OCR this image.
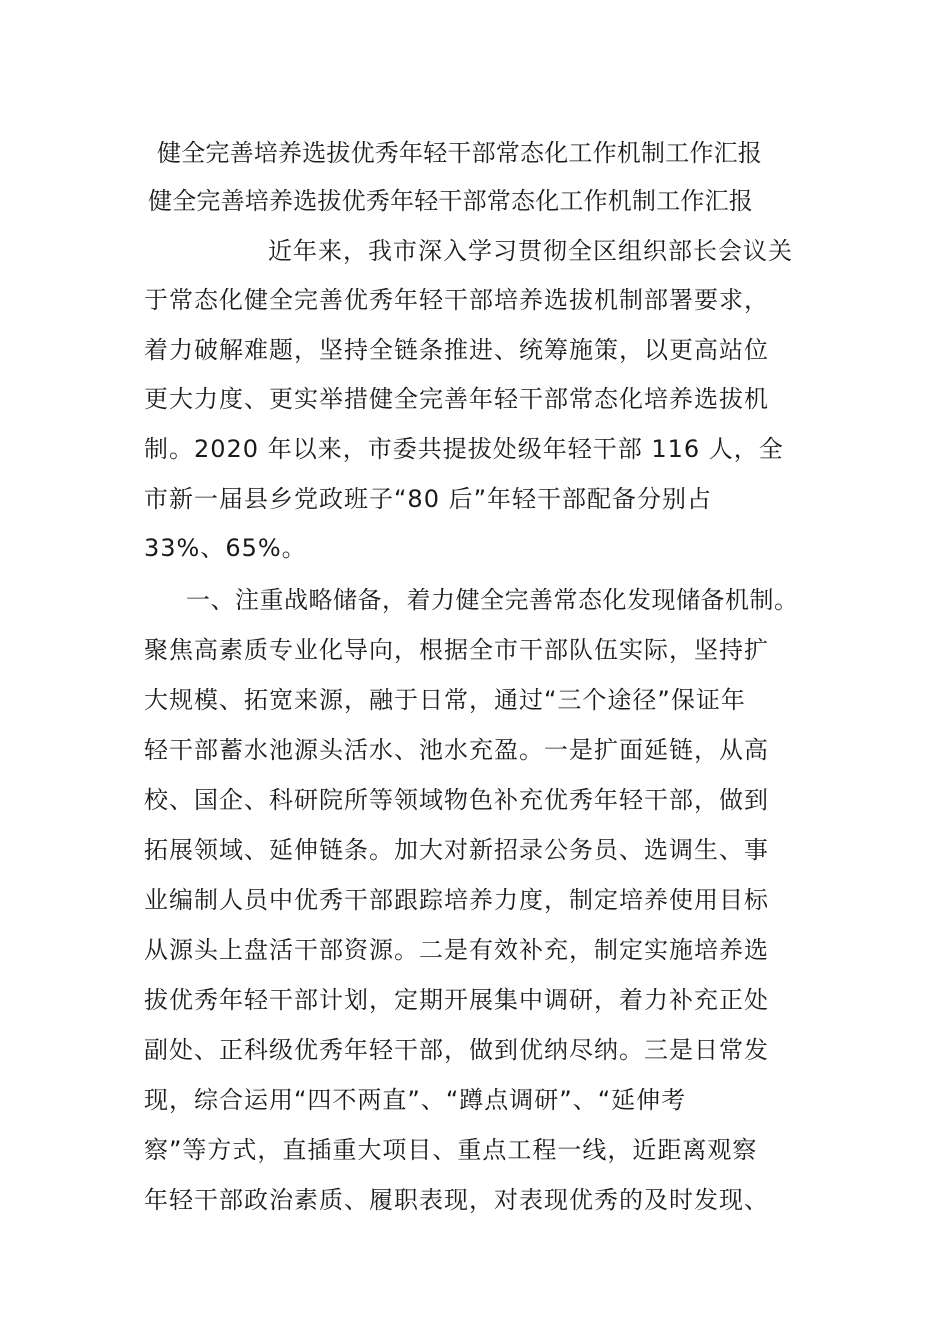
健全完善培养选拔优秀年轻干部常态化工作机制工作汇报
健全完善培养选拔优秀年轻干部常态化工作机制工作汇报
近年来，我市深入学习贯彻全区组织部长会议关
于常态化健全完善优秀年轻干部培养选拔机制部署要求，
着力破解难题，坚持全链条推进、统筹施策，以更高站位
更大力度、更实举措健全完善年轻干部常态化培养选拔机
制。2020 年以来，市委共提拔处级年轻干部 116 人，全
市新一届县乡党政班子“80 后”年轻干部配备分别占
33%、65%。
一、注重战略储备，着力健全完善常态化发现储备机制。
聚焦高素质专业化导向，根据全市干部队伍实际，坚持扩
大规模、拓宽来源，融于日常，通过“三个途径”保证年
轻干部蓄水池源头活水、池水充盈。一是扩面延链，从高
校、国企、科研院所等领域物色补充优秀年轻干部，做到
拓展领域、延伸链条。加大对新招录公务员、选调生、事
业编制人员中优秀干部跟踪培养力度，制定培养使用目标
从源头上盘活干部资源。二是有效补充，制定实施培养选
拔优秀年轻干部计划，定期开展集中调研，着力补充正处
副处、正科级优秀年轻干部，做到优纳尽纳。三是日常发
现，综合运用“四不两直”、“蹲点调研”、“延伸考
察”等方式，直插重大项目、重点工程一线，近距离观察
年轻干部政治素质、履职表现，对表现优秀的及时发现、
